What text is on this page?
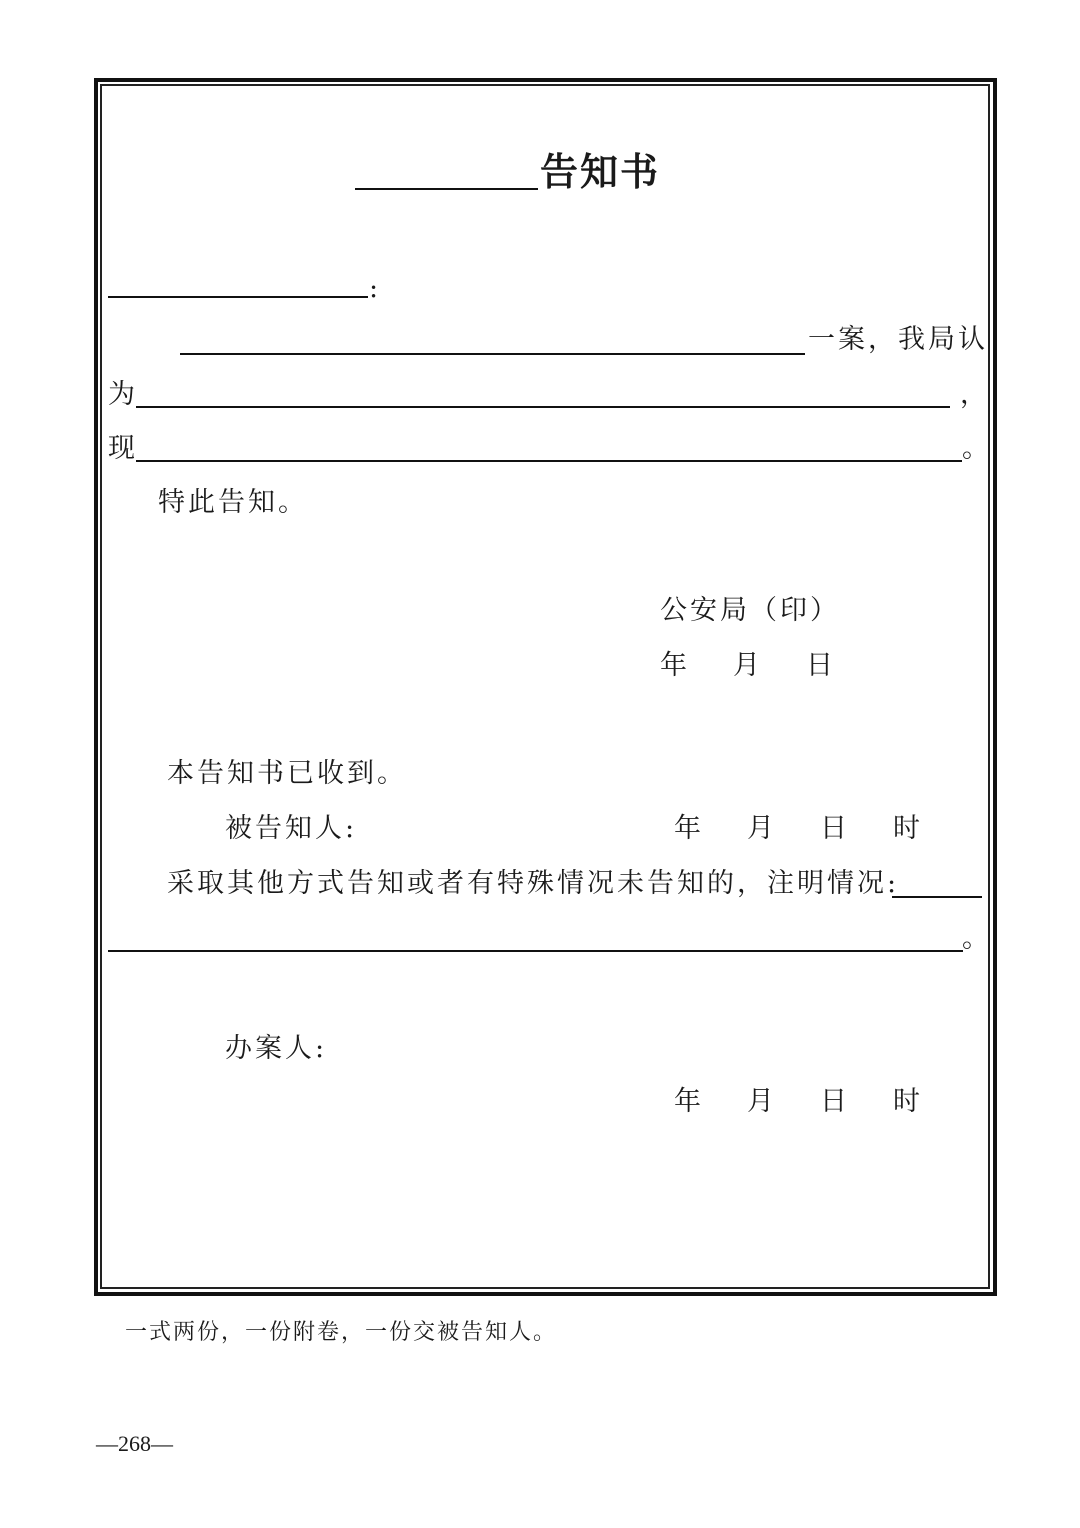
告知书
:
一案，我局认
为	，
现	。
特此告知。
公安局（印）
年 月 日
本告知书已收到。
被告知人:	年 月 日 时
采取其他方式告知或者有特殊情况未告知的，注明情况:
。
办案人:
年 月 日 时
一式两份，一份附卷，一份交被告知人。
—268—
